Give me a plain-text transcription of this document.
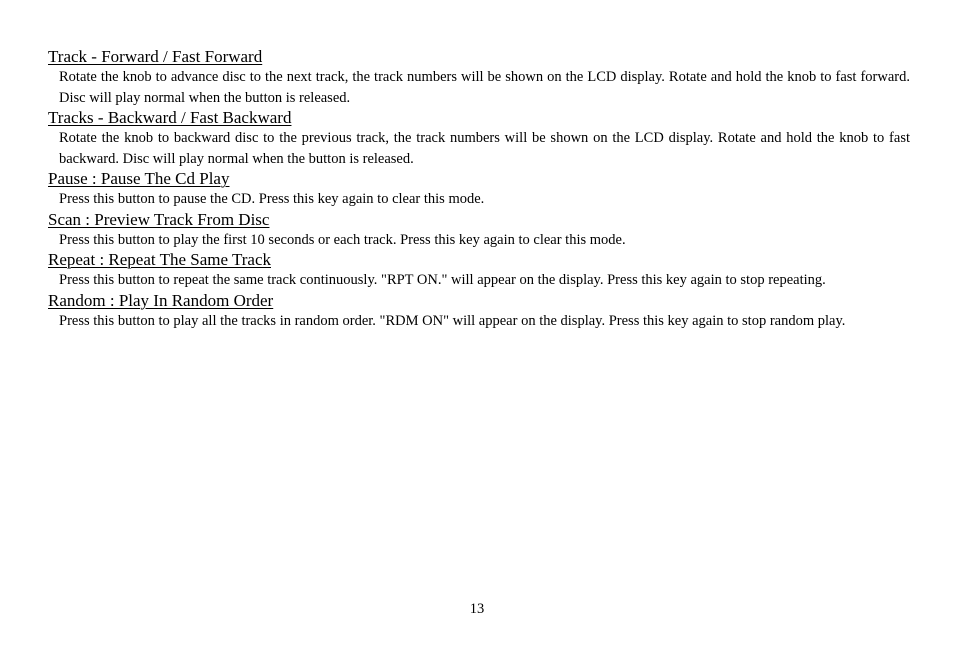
Track - Forward / Fast Forward

Rotate the knob to advance disc to the next track, the track numbers will be shown on the LCD display. Rotate and hold the knob to fast forward. Disc will play normal when the button is released.

Tracks - Backward / Fast Backward

Rotate the knob to backward disc to the previous track, the track numbers will be shown on the LCD display. Rotate and hold the knob to fast backward. Disc will play normal when the button is released.

Pause : Pause The Cd Play

Press this button to pause the CD. Press this key again to clear this mode.

Scan : Preview Track From Disc

Press this button to play the first 10 seconds or each track. Press this key again to clear this mode.

Repeat : Repeat The Same Track

Press this button to repeat the same track continuously. "RPT ON." will appear on the display. Press this key again to stop repeating.

Random : Play In Random Order

Press this button to play all the tracks in random order. "RDM ON" will appear on the display. Press this key again to stop random play.

13
